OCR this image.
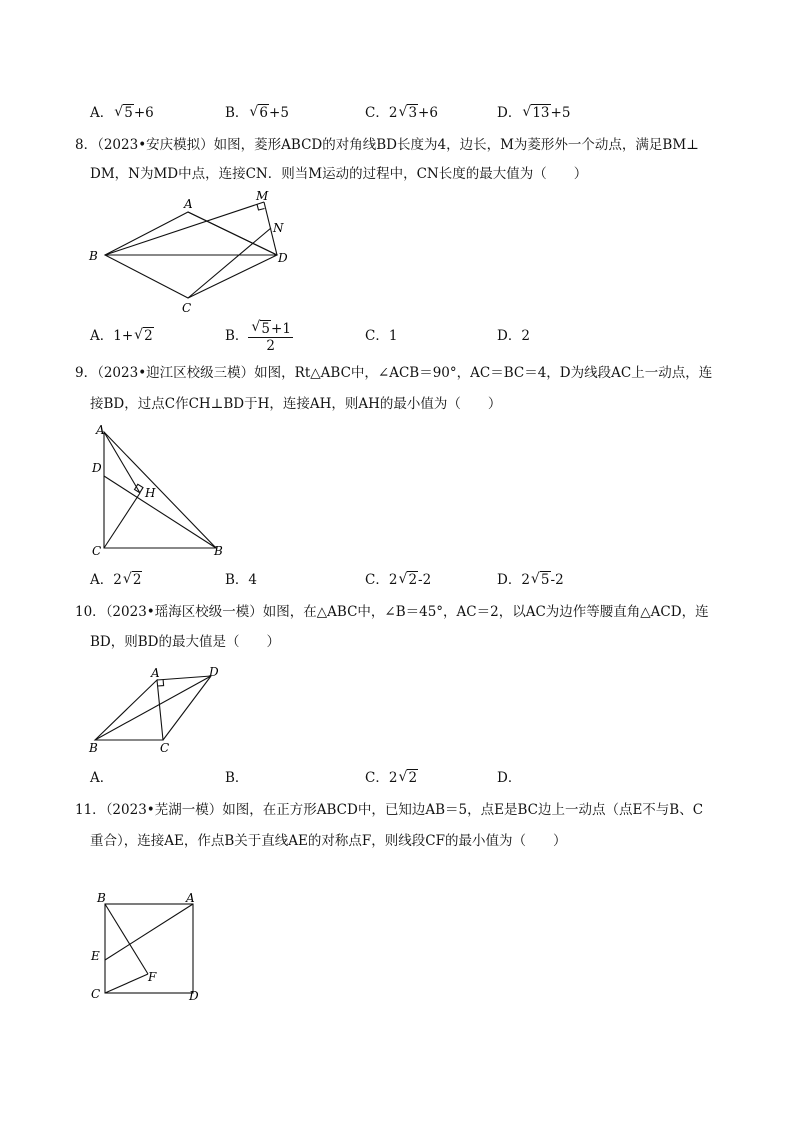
A． √ 5+6	B． √ 6+5	C．2 √ 3+6	D． √ 13+5
8．（2023•安庆模拟）如图，菱形ABCD的对角线BD长度为4，边长，M为菱形外一个动点，满足BM⊥
DM，N为MD中点，连接CN．则当M运动的过程中，CN长度的最大值为（　　）
A
B
C
D
M
N
A．1+ √ 2	B． √ $\frac{5+1}{2}$	C．1	D．2
9．（2023•迎江区校级三模）如图，Rt△ABC中，∠ACB＝90°，AC＝BC＝4，D为线段AC上一动点，连
接BD，过点C作CH⊥BD于H，连接AH，则AH的最小值为（　　）
A
D
H
C	B
A．2 √ 2	B．4	C．2 √ 2-2	D．2 √ 5-2
10．（2023•瑶海区校级一模）如图，在△ABC中，∠B＝45°，AC＝2，以AC为边作等腰直角△ACD，连
BD，则BD的最大值是（　　）
A	D
B	C
A．	B．	C．2 √ 2	D．
11．（2023•芜湖一模）如图，在正方形ABCD中，已知边AB＝5，点E是BC边上一动点（点E不与B、C
重合），连接AE，作点B关于直线AE的对称点F，则线段CF的最小值为（　　）
B	A
E
F
C	D
